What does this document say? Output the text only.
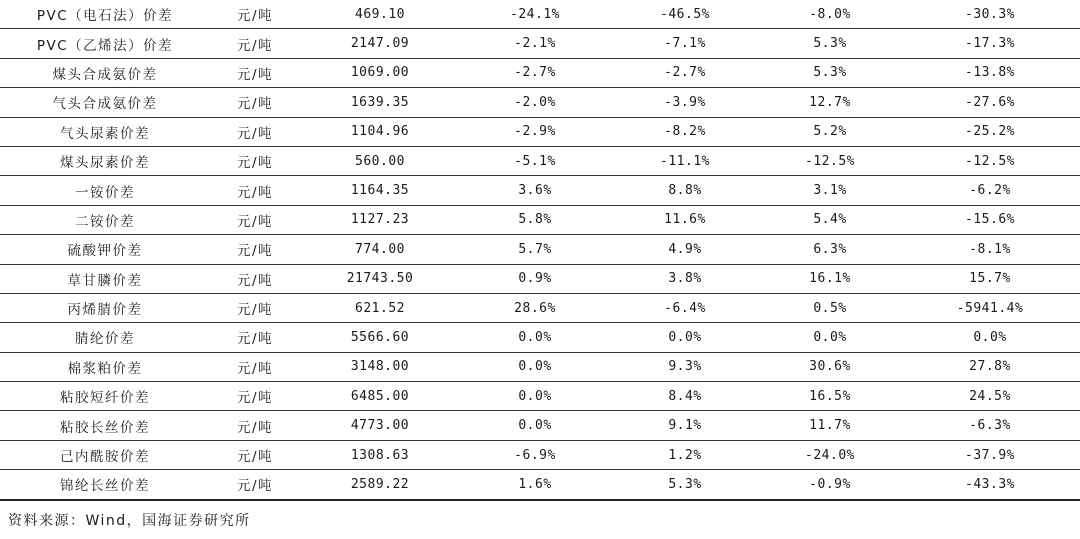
PVC（电石法）价差	元/吨	469.10	-24.1%	-46.5%	-8.0%	-30.3%
PVC（乙烯法）价差	元/吨	2147.09	-2.1%	-7.1%	5.3%	-17.3%
煤头合成氨价差	元/吨	1069.00	-2.7%	-2.7%	5.3%	-13.8%
气头合成氨价差	元/吨	1639.35	-2.0%	-3.9%	12.7%	-27.6%
气头尿素价差	元/吨	1104.96	-2.9%	-8.2%	5.2%	-25.2%
煤头尿素价差	元/吨	560.00	-5.1%	-11.1%	-12.5%	-12.5%
一铵价差	元/吨	1164.35	3.6%	8.8%	3.1%	-6.2%
二铵价差	元/吨	1127.23	5.8%	11.6%	5.4%	-15.6%
硫酸钾价差	元/吨	774.00	5.7%	4.9%	6.3%	-8.1%
草甘膦价差	元/吨	21743.50	0.9%	3.8%	16.1%	15.7%
丙烯腈价差	元/吨	621.52	28.6%	-6.4%	0.5%	-5941.4%
腈纶价差	元/吨	5566.60	0.0%	0.0%	0.0%	0.0%
棉浆粕价差	元/吨	3148.00	0.0%	9.3%	30.6%	27.8%
粘胶短纤价差	元/吨	6485.00	0.0%	8.4%	16.5%	24.5%
粘胶长丝价差	元/吨	4773.00	0.0%	9.1%	11.7%	-6.3%
己内酰胺价差	元/吨	1308.63	-6.9%	1.2%	-24.0%	-37.9%
锦纶长丝价差	元/吨	2589.22	1.6%	5.3%	-0.9%	-43.3%
资料来源：Wind，国海证券研究所
